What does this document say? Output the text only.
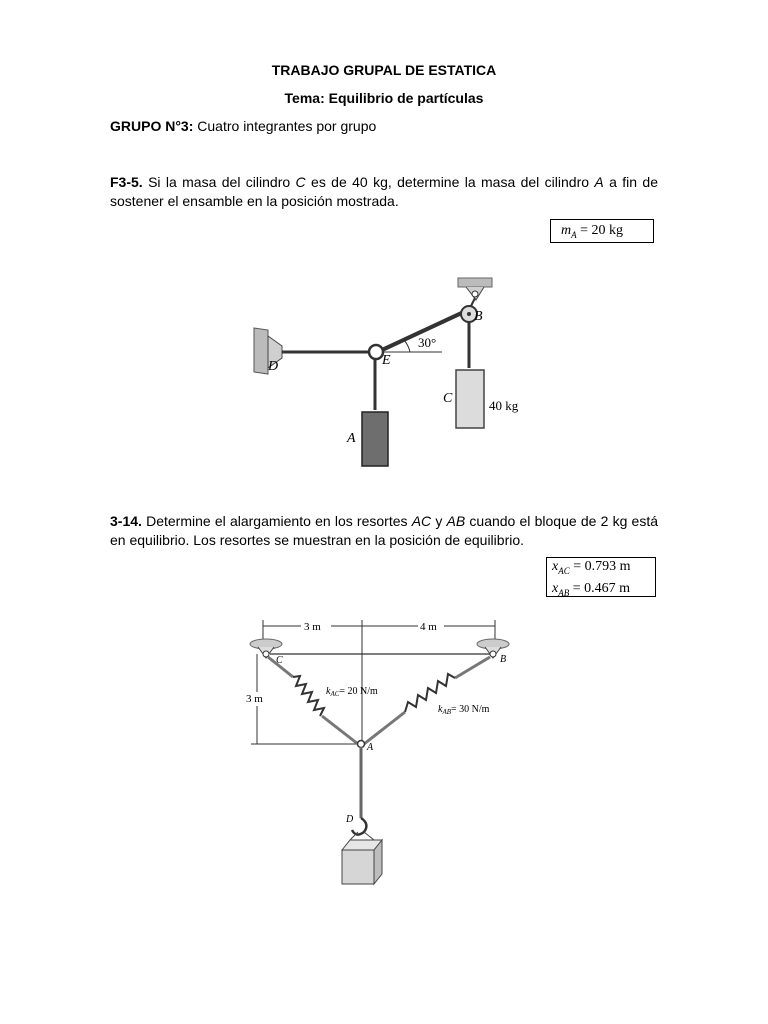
TRABAJO GRUPAL DE ESTATICA
Tema: Equilibrio de partículas
GRUPO N°3: Cuatro integrantes por grupo
F3-5. Si la masa del cilindro C es de 40 kg, determine la masa del cilindro A a fin de sostener el ensamble en la posición mostrada.
$m_A = 20$ kg
D	E
B
C
A
30°
40 kg
3-14. Determine el alargamiento en los resortes AC y AB cuando el bloque de 2 kg está en equilibrio. Los resortes se muestran en la posición de equilibrio.
$x_{AC} = 0.793$ m
$x_{AB} = 0.467$ m
3 m	4 m
3 m
C	B
A
D
$k_{AC}= 20$ N/m
$k_{AB}= 30$ N/m
